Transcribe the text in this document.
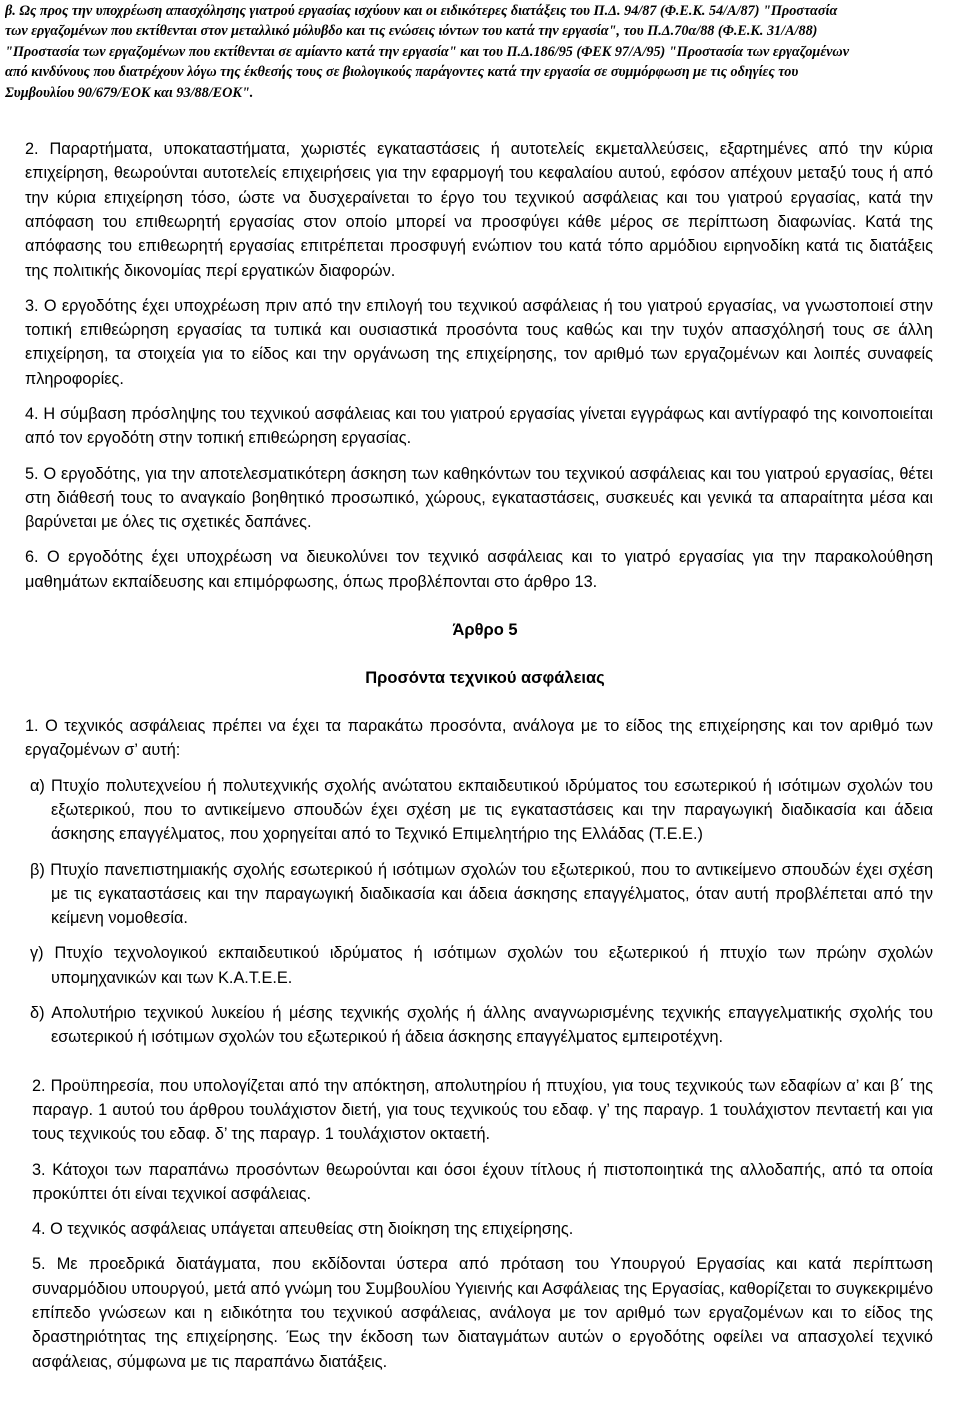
β. Ως προς την υποχρέωση απασχόλησης γιατρού εργασίας ισχύουν και οι ειδικότερες διατάξεις του Π.Δ. 94/87 (Φ.Ε.Κ. 54/Α/87) "Προστασία
των εργαζομένων που εκτίθενται στον μεταλλικό μόλυβδο και τις ενώσεις ιόντων του κατά την εργασία", του Π.Δ.70α/88 (Φ.Ε.Κ. 31/Α/88)
"Προστασία των εργαζομένων που εκτίθενται σε αμίαντο κατά την εργασία" και του Π.Δ.186/95 (ΦΕΚ 97/Α/95) "Προστασία των εργαζομένων
από κινδύνους που διατρέχουν λόγω της έκθεσής τους σε βιολογικούς παράγοντες κατά την εργασία σε συμμόρφωση με τις οδηγίες του
Συμβουλίου 90/679/ΕΟΚ και 93/88/ΕΟΚ".

2. Παραρτήματα, υποκαταστήματα, χωριστές εγκαταστάσεις ή αυτοτελείς εκμεταλλεύσεις, εξαρτημένες από την κύρια επιχείρηση, θεωρούνται αυτοτελείς επιχειρήσεις για την εφαρμογή του κεφαλαίου αυτού, εφόσον απέχουν μεταξύ τους ή από την κύρια επιχείρηση τόσο, ώστε να δυσχεραίνεται το έργο του τεχνικού ασφάλειας και του γιατρού εργασίας, κατά την απόφαση του επιθεωρητή εργασίας στον οποίο μπορεί να προσφύγει κάθε μέρος σε περίπτωση διαφωνίας. Κατά της απόφασης του επιθεωρητή εργασίας επιτρέπεται προσφυγή ενώπιον του κατά τόπο αρμόδιου ειρηνοδίκη κατά τις διατάξεις της πολιτικής δικονομίας περί εργατικών διαφορών.

3. Ο εργοδότης έχει υποχρέωση πριν από την επιλογή του τεχνικού ασφάλειας ή του γιατρού εργασίας, να γνωστοποιεί στην τοπική επιθεώρηση εργασίας τα τυπικά και ουσιαστικά προσόντα τους καθώς και την τυχόν απασχόλησή τους σε άλλη επιχείρηση, τα στοιχεία για το είδος και την οργάνωση της επιχείρησης, τον αριθμό των εργαζομένων και λοιπές συναφείς πληροφορίες.

4. Η σύμβαση πρόσληψης του τεχνικού ασφάλειας και του γιατρού εργασίας γίνεται εγγράφως και αντίγραφό της κοινοποιείται από τον εργοδότη στην τοπική επιθεώρηση εργασίας.

5. Ο εργοδότης, για την αποτελεσματικότερη άσκηση των καθηκόντων του τεχνικού ασφάλειας και του γιατρού εργασίας, θέτει στη διάθεσή τους το αναγκαίο βοηθητικό προσωπικό, χώρους, εγκαταστάσεις, συσκευές και γενικά τα απαραίτητα μέσα και βαρύνεται με όλες τις σχετικές δαπάνες.

6. Ο εργοδότης έχει υποχρέωση να διευκολύνει τον τεχνικό ασφάλειας και το γιατρό εργασίας για την παρακολούθηση μαθημάτων εκπαίδευσης και επιμόρφωσης, όπως προβλέπονται στο άρθρο 13.

Άρθρο 5

Προσόντα τεχνικού ασφάλειας

1. Ο τεχνικός ασφάλειας πρέπει να έχει τα παρακάτω προσόντα, ανάλογα με το είδος της επιχείρησης και τον αριθμό των εργαζομένων σ’ αυτή:

α) Πτυχίο πολυτεχνείου ή πολυτεχνικής σχολής ανώτατου εκπαιδευτικού ιδρύματος του εσωτερικού ή ισότιμων σχολών του εξωτερικού, που το αντικείμενο σπουδών έχει σχέση με τις εγκαταστάσεις και την παραγωγική διαδικασία και άδεια άσκησης επαγγέλματος, που χορηγείται από το Τεχνικό Επιμελητήριο της Ελλάδας (Τ.Ε.Ε.)

β) Πτυχίο πανεπιστημιακής σχολής εσωτερικού ή ισότιμων σχολών του εξωτερικού, που το αντικείμενο σπουδών έχει σχέση με τις εγκαταστάσεις και την παραγωγική διαδικασία και άδεια άσκησης επαγγέλματος, όταν αυτή προβλέπεται από την κείμενη νομοθεσία.

γ) Πτυχίο τεχνολογικού εκπαιδευτικού ιδρύματος ή ισότιμων σχολών του εξωτερικού ή πτυχίο των πρώην σχολών υπομηχανικών και των Κ.Α.Τ.Ε.Ε.

δ) Απολυτήριο τεχνικού λυκείου ή μέσης τεχνικής σχολής ή άλλης αναγνωρισμένης τεχνικής επαγγελματικής σχολής του εσωτερικού ή ισότιμων σχολών του εξωτερικού ή άδεια άσκησης επαγγέλματος εμπειροτέχνη.

2. Προϋπηρεσία, που υπολογίζεται από την απόκτηση, απολυτηρίου ή πτυχίου, για τους τεχνικούς των εδαφίων α’ και β΄ της παραγρ. 1 αυτού του άρθρου τουλάχιστον διετή, για τους τεχνικούς του εδαφ. γ’ της παραγρ. 1 τουλάχιστον πενταετή και για τους τεχνικούς του εδαφ. δ’ της παραγρ. 1 τουλάχιστον οκταετή.

3. Κάτοχοι των παραπάνω προσόντων θεωρούνται και όσοι έχουν τίτλους ή πιστοποιητικά της αλλοδαπής, από τα οποία προκύπτει ότι είναι τεχνικοί ασφάλειας.

4. Ο τεχνικός ασφάλειας υπάγεται απευθείας στη διοίκηση της επιχείρησης.

5. Με προεδρικά διατάγματα, που εκδίδονται ύστερα από πρόταση του Υπουργού Εργασίας και κατά περίπτωση συναρμόδιου υπουργού, μετά από γνώμη του Συμβουλίου Υγιεινής και Ασφάλειας της Εργασίας, καθορίζεται το συγκεκριμένο επίπεδο γνώσεων και η ειδικότητα του τεχνικού ασφάλειας, ανάλογα με τον αριθμό των εργαζομένων και το είδος της δραστηριότητας της επιχείρησης. Έως την έκδοση των διαταγμάτων αυτών ο εργοδότης οφείλει να απασχολεί τεχνικό ασφάλειας, σύμφωνα με τις παραπάνω διατάξεις.
